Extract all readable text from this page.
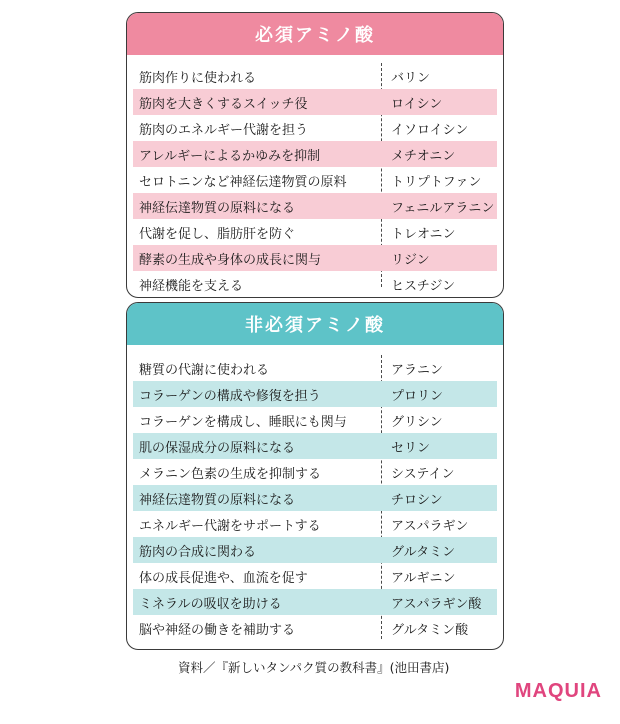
必須アミノ酸
筋肉作りに使われる	バリン
筋肉を大きくするスイッチ役	ロイシン
筋肉のエネルギー代謝を担う	イソロイシン
アレルギーによるかゆみを抑制	メチオニン
セロトニンなど神経伝達物質の原料	トリプトファン
神経伝達物質の原料になる	フェニルアラニン
代謝を促し、脂肪肝を防ぐ	トレオニン
酵素の生成や身体の成長に関与	リジン
神経機能を支える	ヒスチジン
非必須アミノ酸
糖質の代謝に使われる	アラニン
コラーゲンの構成や修復を担う	プロリン
コラーゲンを構成し、睡眠にも関与	グリシン
肌の保湿成分の原料になる	セリン
メラニン色素の生成を抑制する	システイン
神経伝達物質の原料になる	チロシン
エネルギー代謝をサポートする	アスパラギン
筋肉の合成に関わる	グルタミン
体の成長促進や、血流を促す	アルギニン
ミネラルの吸収を助ける	アスパラギン酸
脳や神経の働きを補助する	グルタミン酸
資料／『新しいタンパク質の教科書』(池田書店)
MAQUIA
